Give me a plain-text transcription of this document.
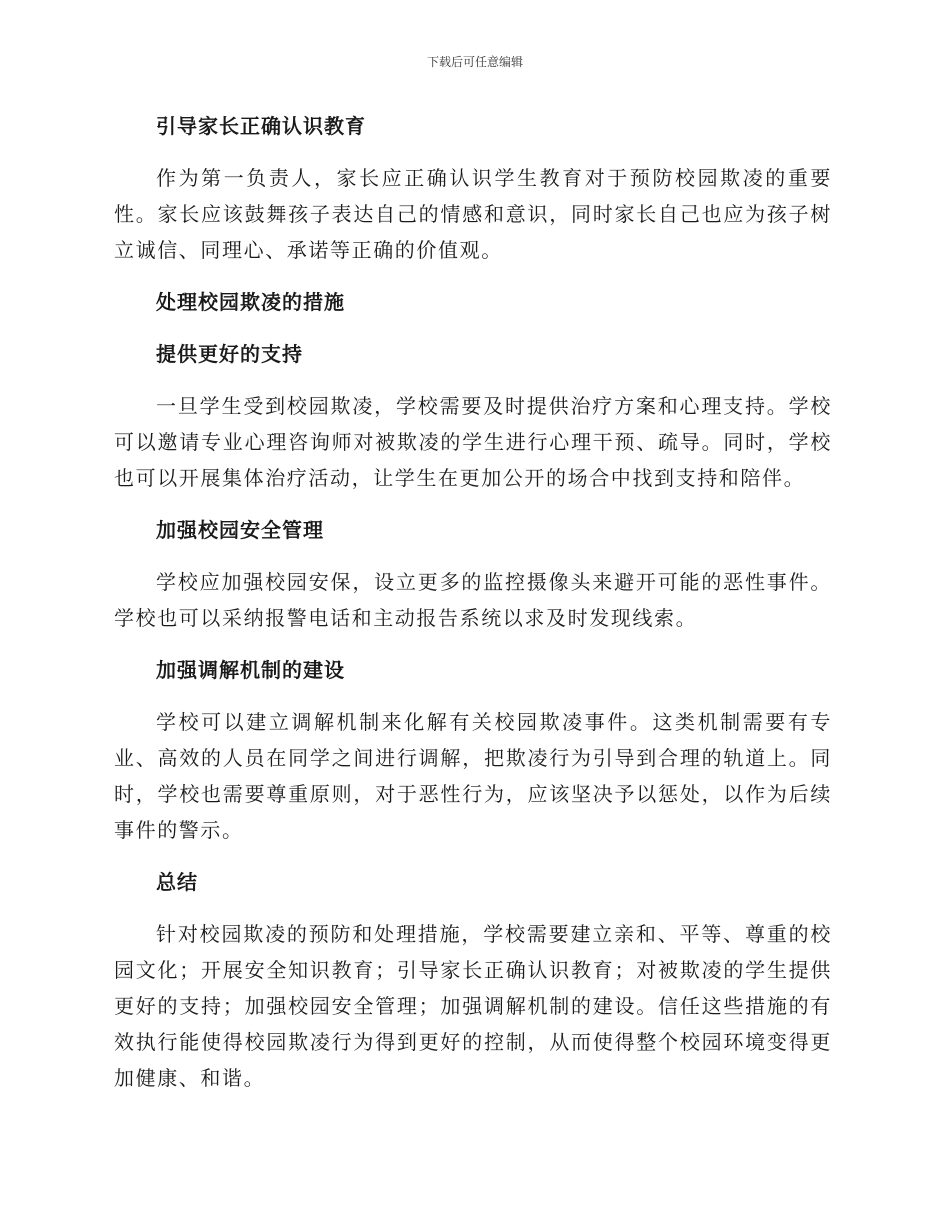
下载后可任意编辑
引导家长正确认识教育

作为第一负责人，家长应正确认识学生教育对于预防校园欺凌的重要性。家长应该鼓舞孩子表达自己的情感和意识，同时家长自己也应为孩子树立诚信、同理心、承诺等正确的价值观。

处理校园欺凌的措施
提供更好的支持

一旦学生受到校园欺凌，学校需要及时提供治疗方案和心理支持。学校可以邀请专业心理咨询师对被欺凌的学生进行心理干预、疏导。同时，学校也可以开展集体治疗活动，让学生在更加公开的场合中找到支持和陪伴。

加强校园安全管理

学校应加强校园安保，设立更多的监控摄像头来避开可能的恶性事件。学校也可以采纳报警电话和主动报告系统以求及时发现线索。

加强调解机制的建设

学校可以建立调解机制来化解有关校园欺凌事件。这类机制需要有专业、高效的人员在同学之间进行调解，把欺凌行为引导到合理的轨道上。同时，学校也需要尊重原则，对于恶性行为，应该坚决予以惩处，以作为后续事件的警示。

总结

针对校园欺凌的预防和处理措施，学校需要建立亲和、平等、尊重的校园文化；开展安全知识教育；引导家长正确认识教育；对被欺凌的学生提供更好的支持；加强校园安全管理；加强调解机制的建设。信任这些措施的有效执行能使得校园欺凌行为得到更好的控制，从而使得整个校园环境变得更加健康、和谐。
